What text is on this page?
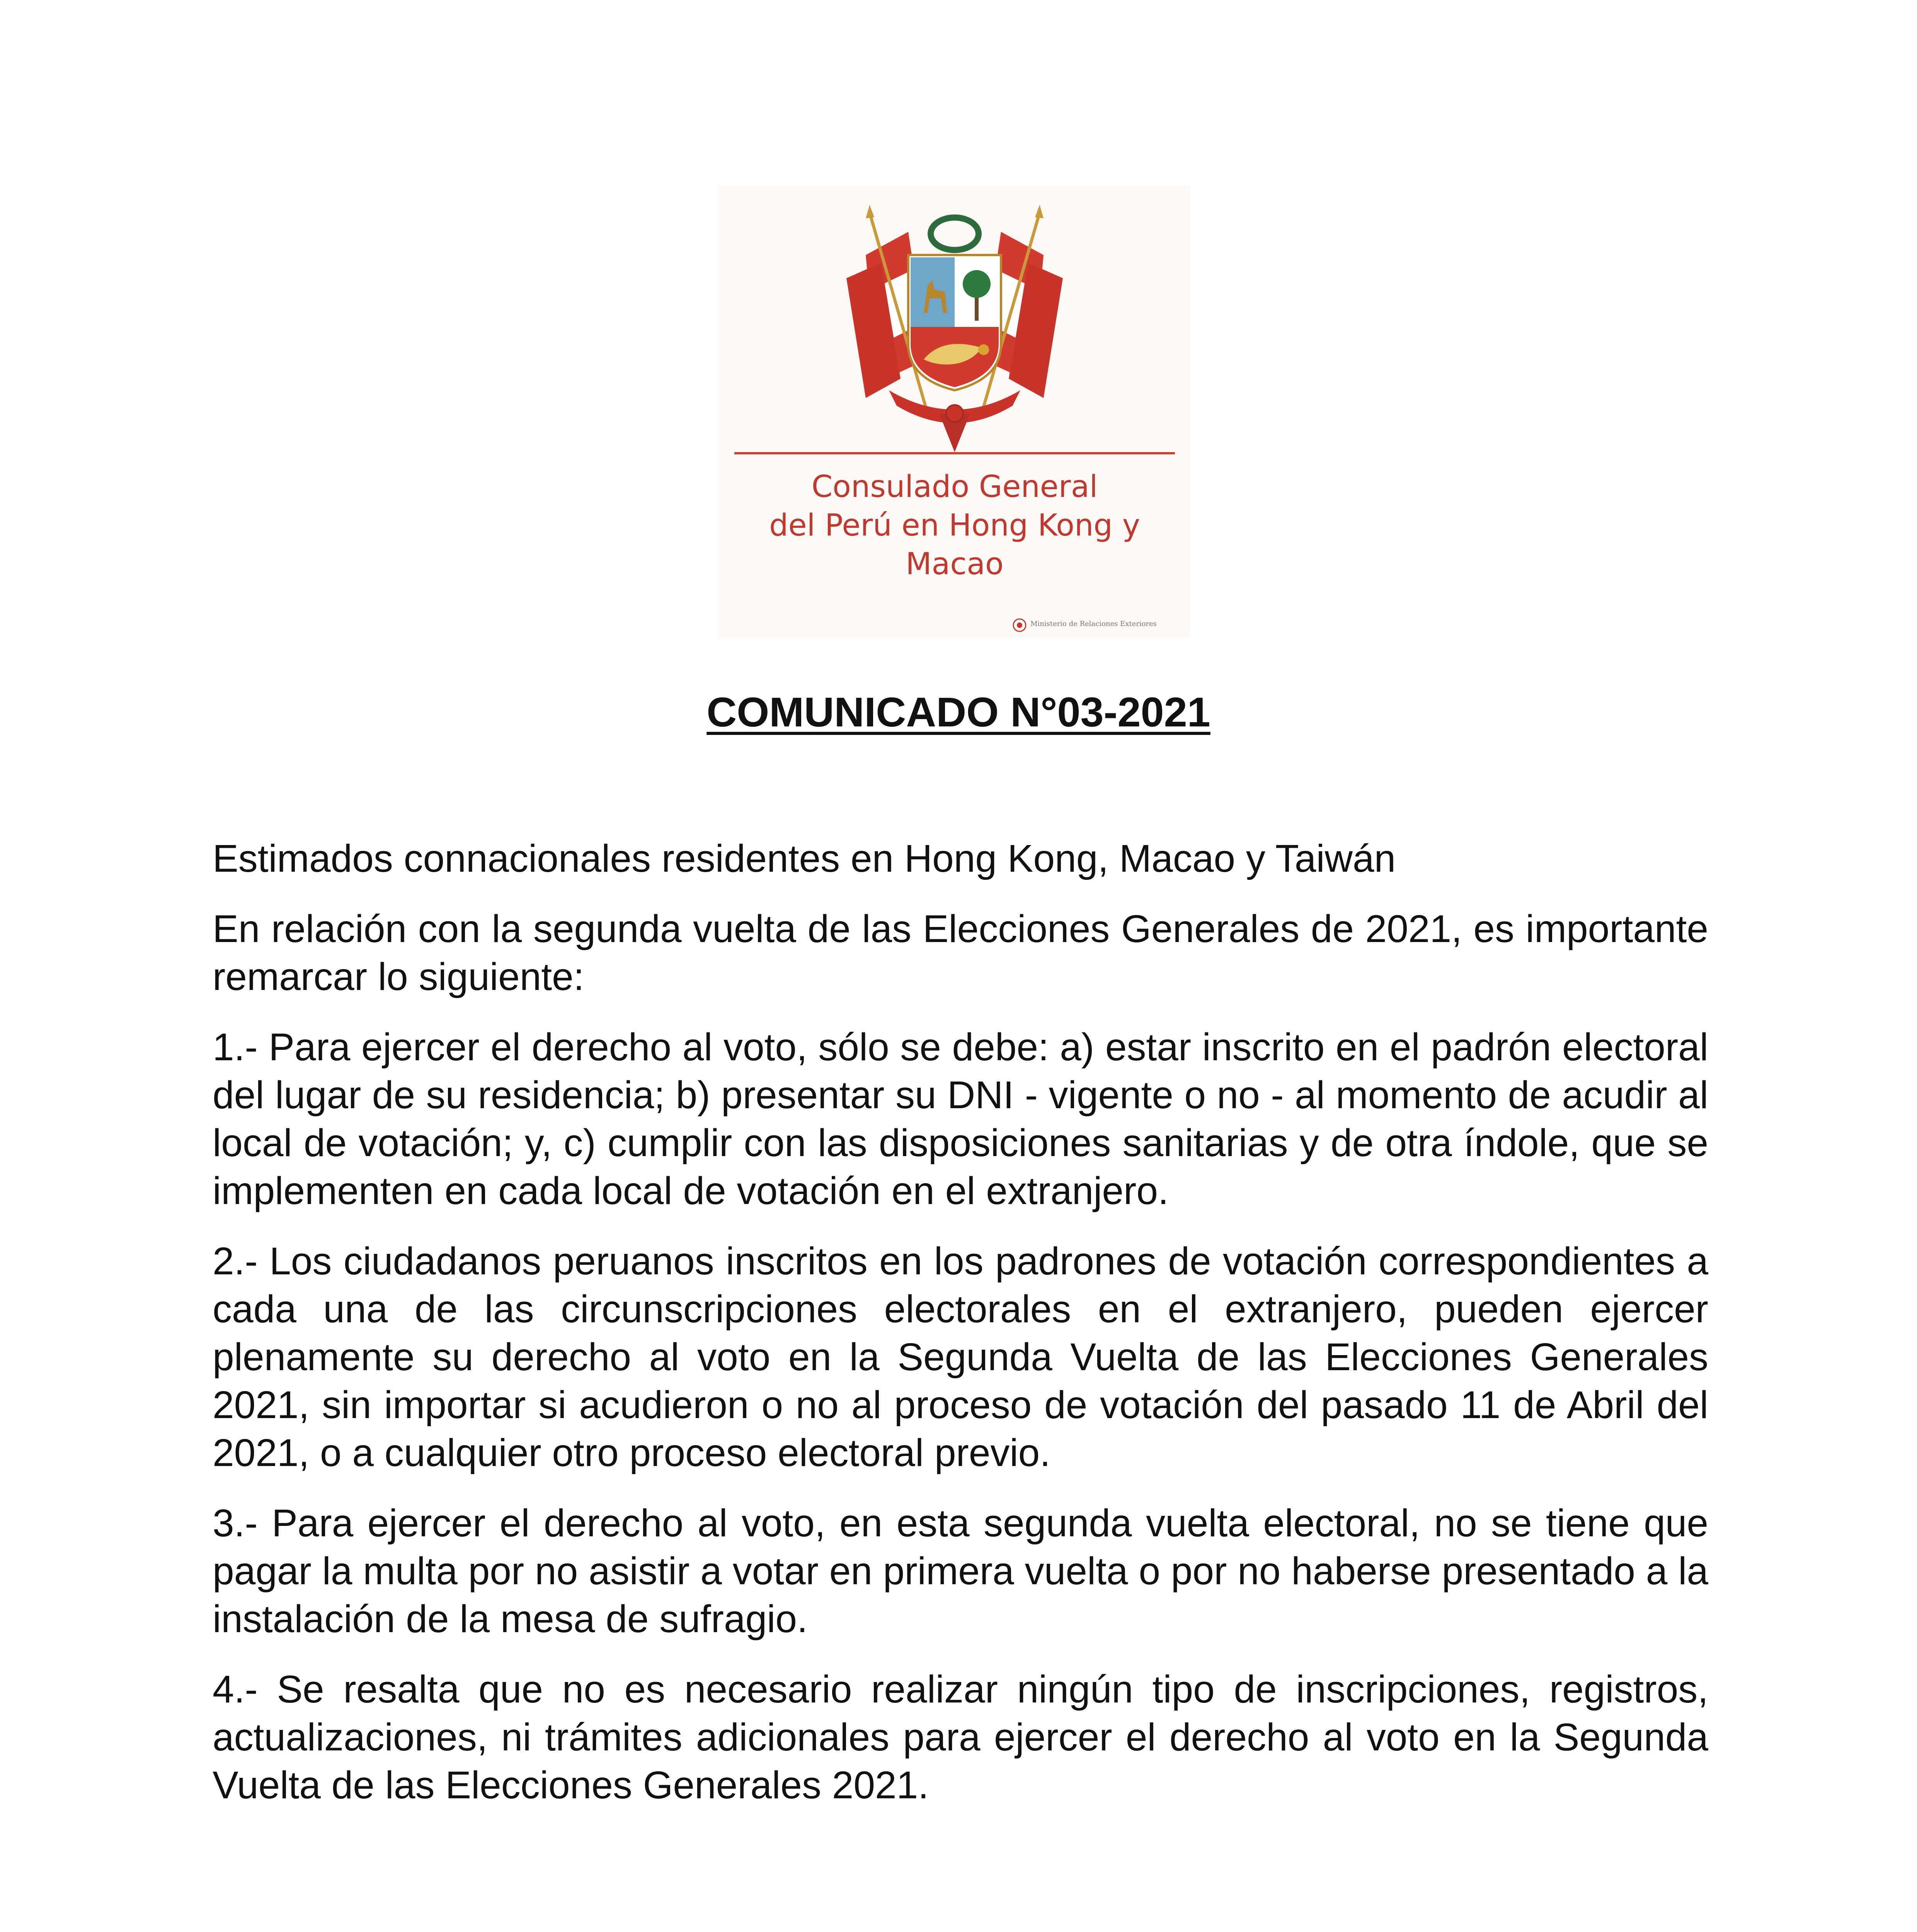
Consulado General
del Perú en Hong Kong y
Macao
Ministerio de Relaciones Exteriores
COMUNICADO N°03-2021

Estimados connacionales residentes en Hong Kong, Macao y Taiwán

En relación con la segunda vuelta de las Elecciones Generales de 2021, es importante remarcar lo siguiente:

1.- Para ejercer el derecho al voto, sólo se debe: a) estar inscrito en el padrón electoral del lugar de su residencia; b) presentar su DNI - vigente o no - al momento de acudir al local de votación; y, c) cumplir con las disposiciones sanitarias y de otra índole, que se implementen en cada local de votación en el extranjero.

2.- Los ciudadanos peruanos inscritos en los padrones de votación correspondientes a cada una de las circunscripciones electorales en el extranjero, pueden ejercer plenamente su derecho al voto en la Segunda Vuelta de las Elecciones Generales 2021, sin importar si acudieron o no al proceso de votación del pasado 11 de Abril del 2021, o a cualquier otro proceso electoral previo.

3.- Para ejercer el derecho al voto, en esta segunda vuelta electoral, no se tiene que pagar la multa por no asistir a votar en primera vuelta o por no haberse presentado a la instalación de la mesa de sufragio.

4.- Se resalta que no es necesario realizar ningún tipo de inscripciones, registros, actualizaciones, ni trámites adicionales para ejercer el derecho al voto en la Segunda Vuelta de las Elecciones Generales 2021.
